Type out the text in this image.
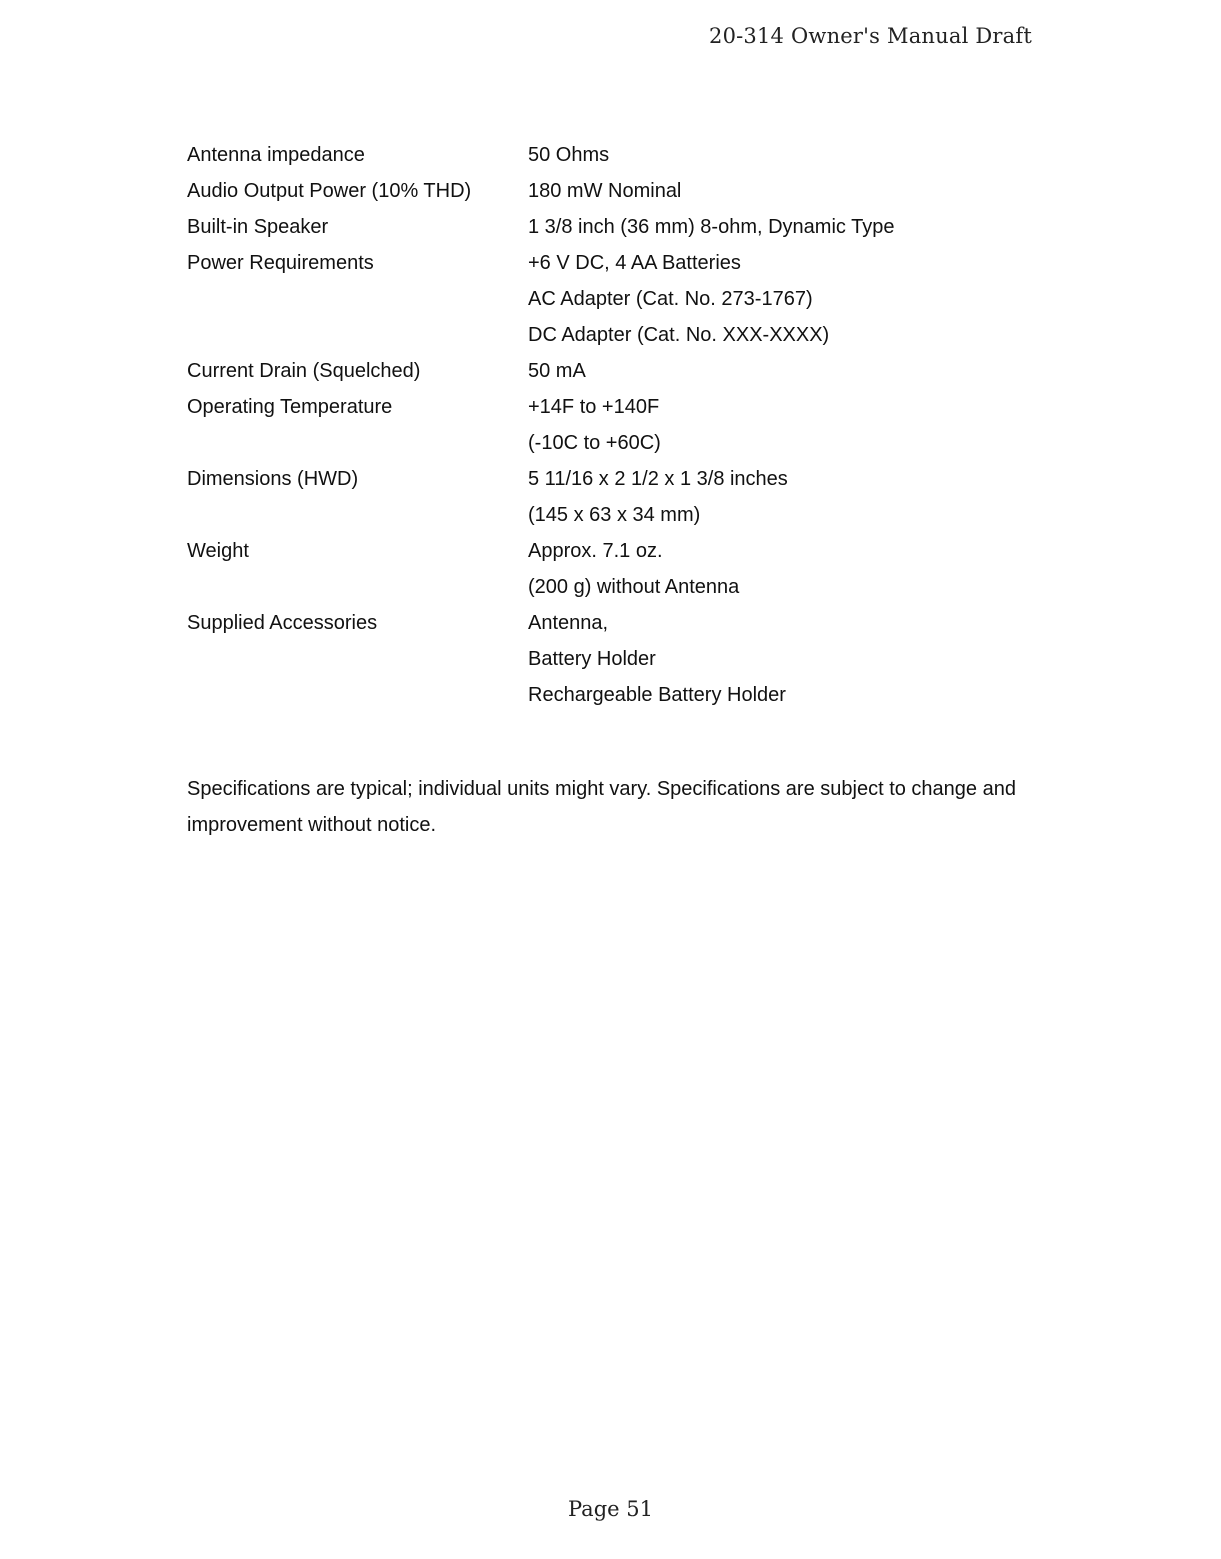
20-314 Owner's Manual Draft
Antenna impedance	50 Ohms
Audio Output Power (10% THD)	180 mW Nominal
Built-in Speaker	1 3/8 inch (36 mm) 8-ohm, Dynamic Type
Power Requirements	+6 V DC, 4 AA Batteries
AC Adapter (Cat. No. 273-1767)
DC Adapter (Cat. No. XXX-XXXX)
Current Drain (Squelched)	50 mA
Operating Temperature	+14F to +140F
(-10C to +60C)
Dimensions (HWD)	5 11/16 x 2 1/2 x 1 3/8 inches
(145 x 63 x 34 mm)
Weight	Approx. 7.1 oz.
(200 g) without Antenna
Supplied Accessories	Antenna,
Battery Holder
Rechargeable Battery Holder

Specifications are typical; individual units might vary. Specifications are subject to change and improvement without notice.

Page 51
